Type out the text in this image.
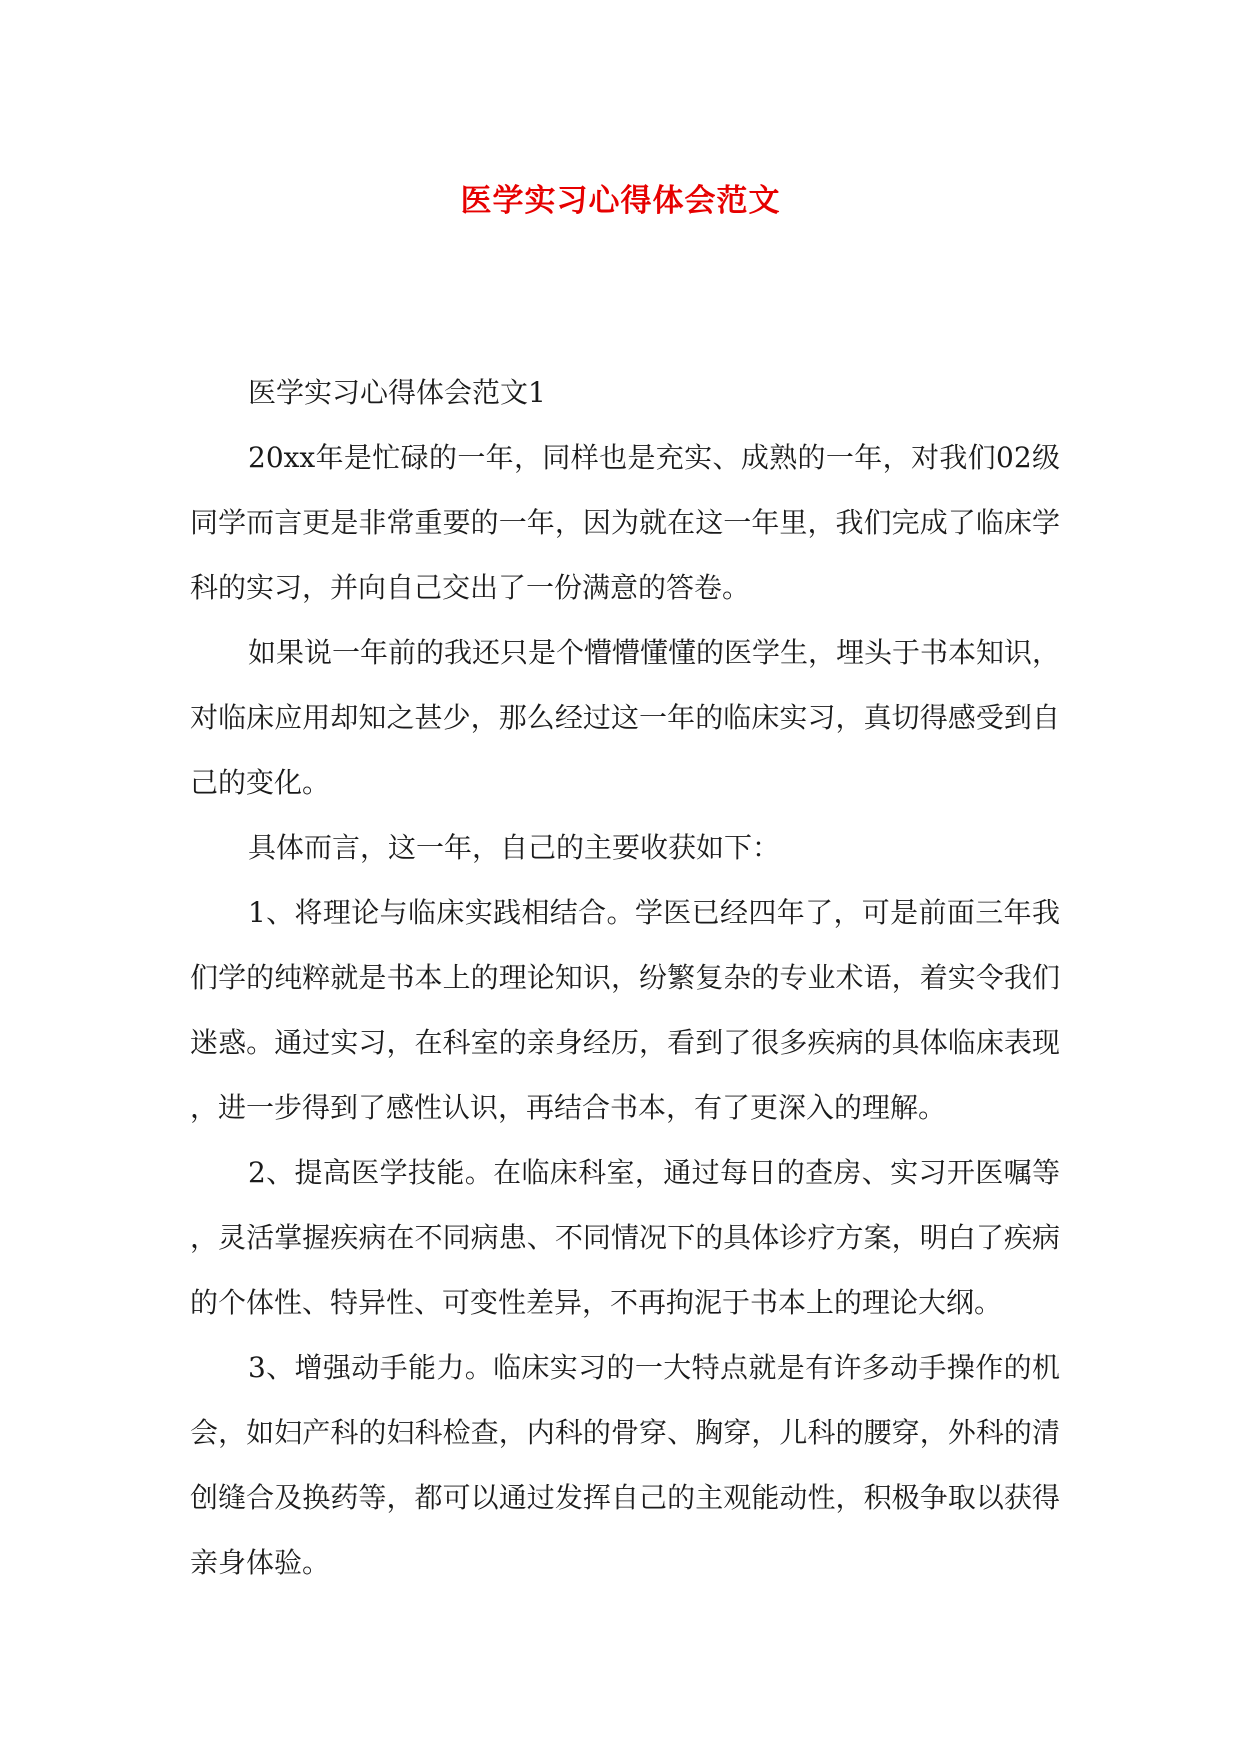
医学实习心得体会范文

医学实习心得体会范文1

20xx年是忙碌的一年，同样也是充实、成熟的一年，对我们02级同学而言更是非常重要的一年，因为就在这一年里，我们完成了临床学科的实习，并向自己交出了一份满意的答卷。

如果说一年前的我还只是个懵懵懂懂的医学生，埋头于书本知识，对临床应用却知之甚少，那么经过这一年的临床实习，真切得感受到自己的变化。

具体而言，这一年，自己的主要收获如下：

1、将理论与临床实践相结合。学医已经四年了，可是前面三年我们学的纯粹就是书本上的理论知识，纷繁复杂的专业术语，着实令我们迷惑。通过实习，在科室的亲身经历，看到了很多疾病的具体临床表现，进一步得到了感性认识，再结合书本，有了更深入的理解。

2、提高医学技能。在临床科室，通过每日的查房、实习开医嘱等，灵活掌握疾病在不同病患、不同情况下的具体诊疗方案，明白了疾病的个体性、特异性、可变性差异，不再拘泥于书本上的理论大纲。

3、增强动手能力。临床实习的一大特点就是有许多动手操作的机会，如妇产科的妇科检查，内科的骨穿、胸穿，儿科的腰穿，外科的清创缝合及换药等，都可以通过发挥自己的主观能动性，积极争取以获得亲身体验。
